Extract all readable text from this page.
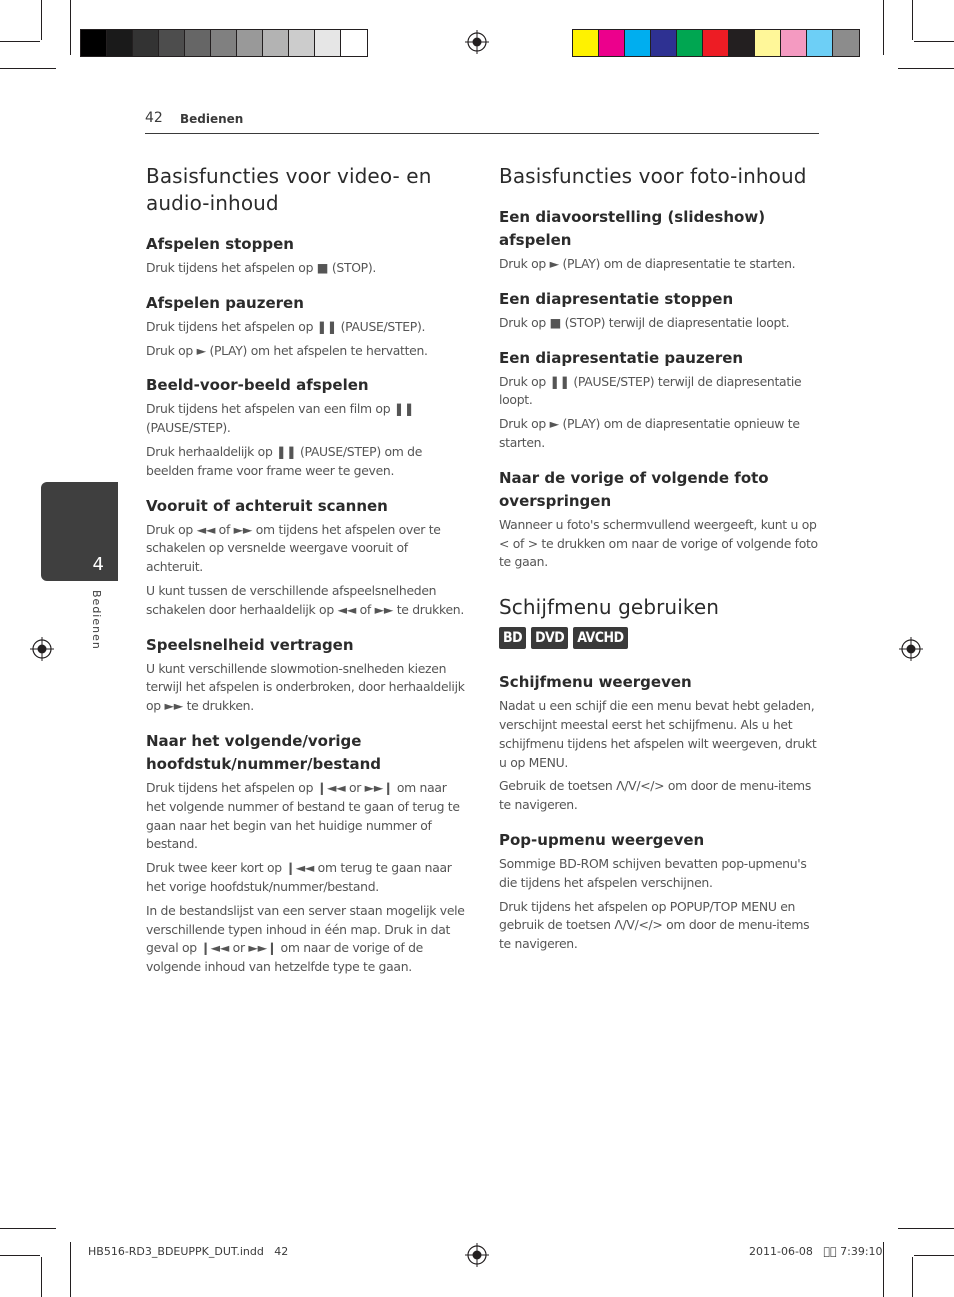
42 Bedienen
4
Bedienen
Basisfuncties voor video- en audio-inhoud
Afspelen stoppen

Druk tijdens het afspelen op ■ (STOP).

Afspelen pauzeren

Druk tijdens het afspelen op ❚❚ (PAUSE/STEP).

Druk op ► (PLAY) om het afspelen te hervatten.

Beeld-voor-beeld afspelen

Druk tijdens het afspelen van een film op ❚❚ (PAUSE/STEP).

Druk herhaaldelijk op ❚❚ (PAUSE/STEP) om de beelden frame voor frame weer te geven.

Vooruit of achteruit scannen

Druk op ◄◄ of ►► om tijdens het afspelen over te schakelen op versnelde weergave vooruit of achteruit.

U kunt tussen de verschillende afspeelsnelheden schakelen door herhaaldelijk op ◄◄ of ►► te drukken.

Speelsnelheid vertragen

U kunt verschillende slowmotion-snelheden kiezen terwijl het afspelen is onderbroken, door herhaaldelijk op ►► te drukken.

Naar het volgende/vorige hoofdstuk/nummer/bestand

Druk tijdens het afspelen op ❙◄◄ or ►►❙ om naar het volgende nummer of bestand te gaan of terug te gaan naar het begin van het huidige nummer of bestand.

Druk twee keer kort op ❙◄◄ om terug te gaan naar het vorige hoofdstuk/nummer/bestand.

In de bestandslijst van een server staan mogelijk vele verschillende typen inhoud in één map. Druk in dat geval op ❙◄◄ or ►►❙ om naar de vorige of de volgende inhoud van hetzelfde type te gaan.

Basisfuncties voor foto-inhoud
Een diavoorstelling (slideshow) afspelen

Druk op ► (PLAY) om de diapresentatie te starten.

Een diapresentatie stoppen

Druk op ■ (STOP) terwijl de diapresentatie loopt.

Een diapresentatie pauzeren

Druk op ❚❚ (PAUSE/STEP) terwijl de diapresentatie loopt.

Druk op ► (PLAY) om de diapresentatie opnieuw te starten.

Naar de vorige of volgende foto overspringen

Wanneer u foto's schermvullend weergeeft, kunt u op < of > te drukken om naar de vorige of volgende foto te gaan.

Schijfmenu gebruiken
BD DVD AVCHD
Schijfmenu weergeven

Nadat u een schijf die een menu bevat hebt geladen, verschijnt meestal eerst het schijfmenu. Als u het schijfmenu tijdens het afspelen wilt weergeven, drukt u op MENU.

Gebruik de toetsen Λ/V/</> om door de menu-items te navigeren.

Pop-upmenu weergeven

Sommige BD-ROM schijven bevatten pop-upmenu's die tijdens het afspelen verschijnen.

Druk tijdens het afspelen op POPUP/TOP MENU en gebruik de toetsen Λ/V/</> om door de menu-items te navigeren.

HB516-RD3_BDEUPPK_DUT.indd   42	2011-06-08   ￿￿ 7:39:10
